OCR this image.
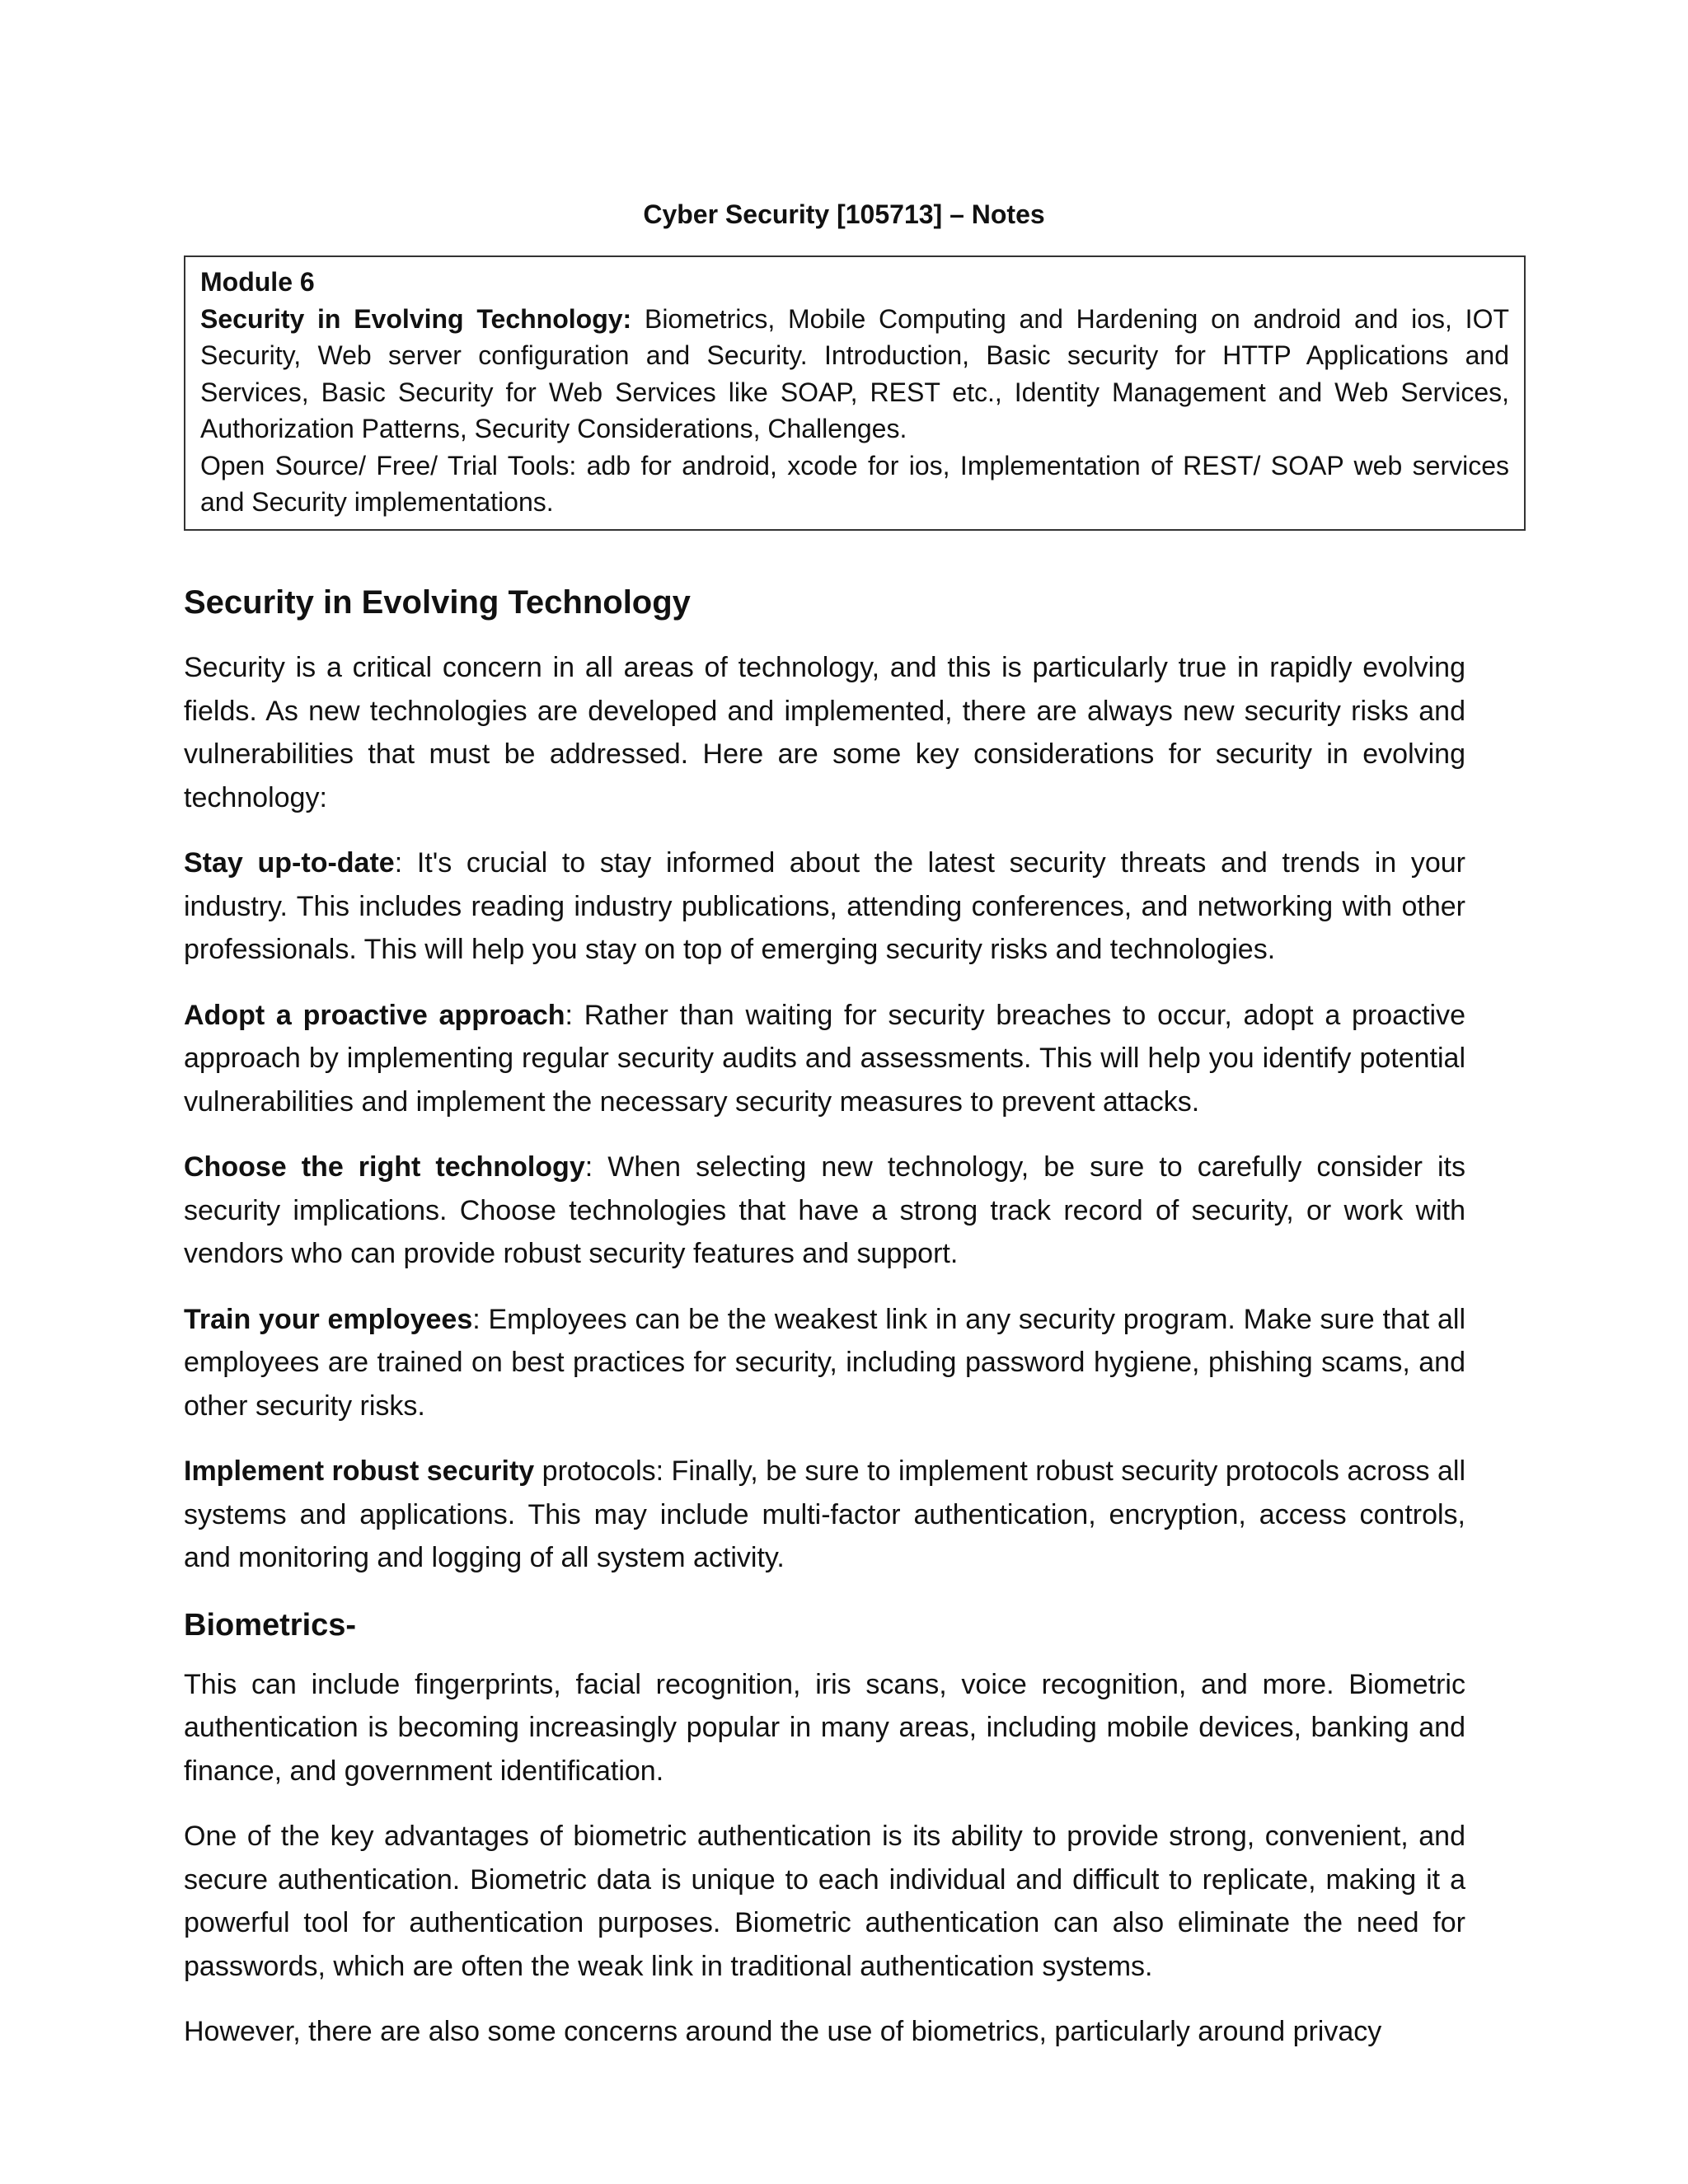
Cyber Security [105713] – Notes

Module 6

Security in Evolving Technology: Biometrics, Mobile Computing and Hardening on android and ios, IOT Security, Web server configuration and Security. Introduction, Basic security for HTTP Applications and Services, Basic Security for Web Services like SOAP, REST etc., Identity Management and Web Services, Authorization Patterns, Security Considerations, Challenges.

Open Source/ Free/ Trial Tools: adb for android, xcode for ios, Implementation of REST/ SOAP web services and Security implementations.

Security in Evolving Technology

Security is a critical concern in all areas of technology, and this is particularly true in rapidly evolving fields. As new technologies are developed and implemented, there are always new security risks and vulnerabilities that must be addressed. Here are some key considerations for security in evolving technology:

Stay up-to-date: It's crucial to stay informed about the latest security threats and trends in your industry. This includes reading industry publications, attending conferences, and networking with other professionals. This will help you stay on top of emerging security risks and technologies.

Adopt a proactive approach: Rather than waiting for security breaches to occur, adopt a proactive approach by implementing regular security audits and assessments. This will help you identify potential vulnerabilities and implement the necessary security measures to prevent attacks.

Choose the right technology: When selecting new technology, be sure to carefully consider its security implications. Choose technologies that have a strong track record of security, or work with vendors who can provide robust security features and support.

Train your employees: Employees can be the weakest link in any security program. Make sure that all employees are trained on best practices for security, including password hygiene, phishing scams, and other security risks.

Implement robust security protocols: Finally, be sure to implement robust security protocols across all systems and applications. This may include multi-factor authentication, encryption, access controls, and monitoring and logging of all system activity.

Biometrics-

This can include fingerprints, facial recognition, iris scans, voice recognition, and more. Biometric authentication is becoming increasingly popular in many areas, including mobile devices, banking and finance, and government identification.

One of the key advantages of biometric authentication is its ability to provide strong, convenient, and secure authentication. Biometric data is unique to each individual and difficult to replicate, making it a powerful tool for authentication purposes. Biometric authentication can also eliminate the need for passwords, which are often the weak link in traditional authentication systems.

However, there are also some concerns around the use of biometrics, particularly around privacy
